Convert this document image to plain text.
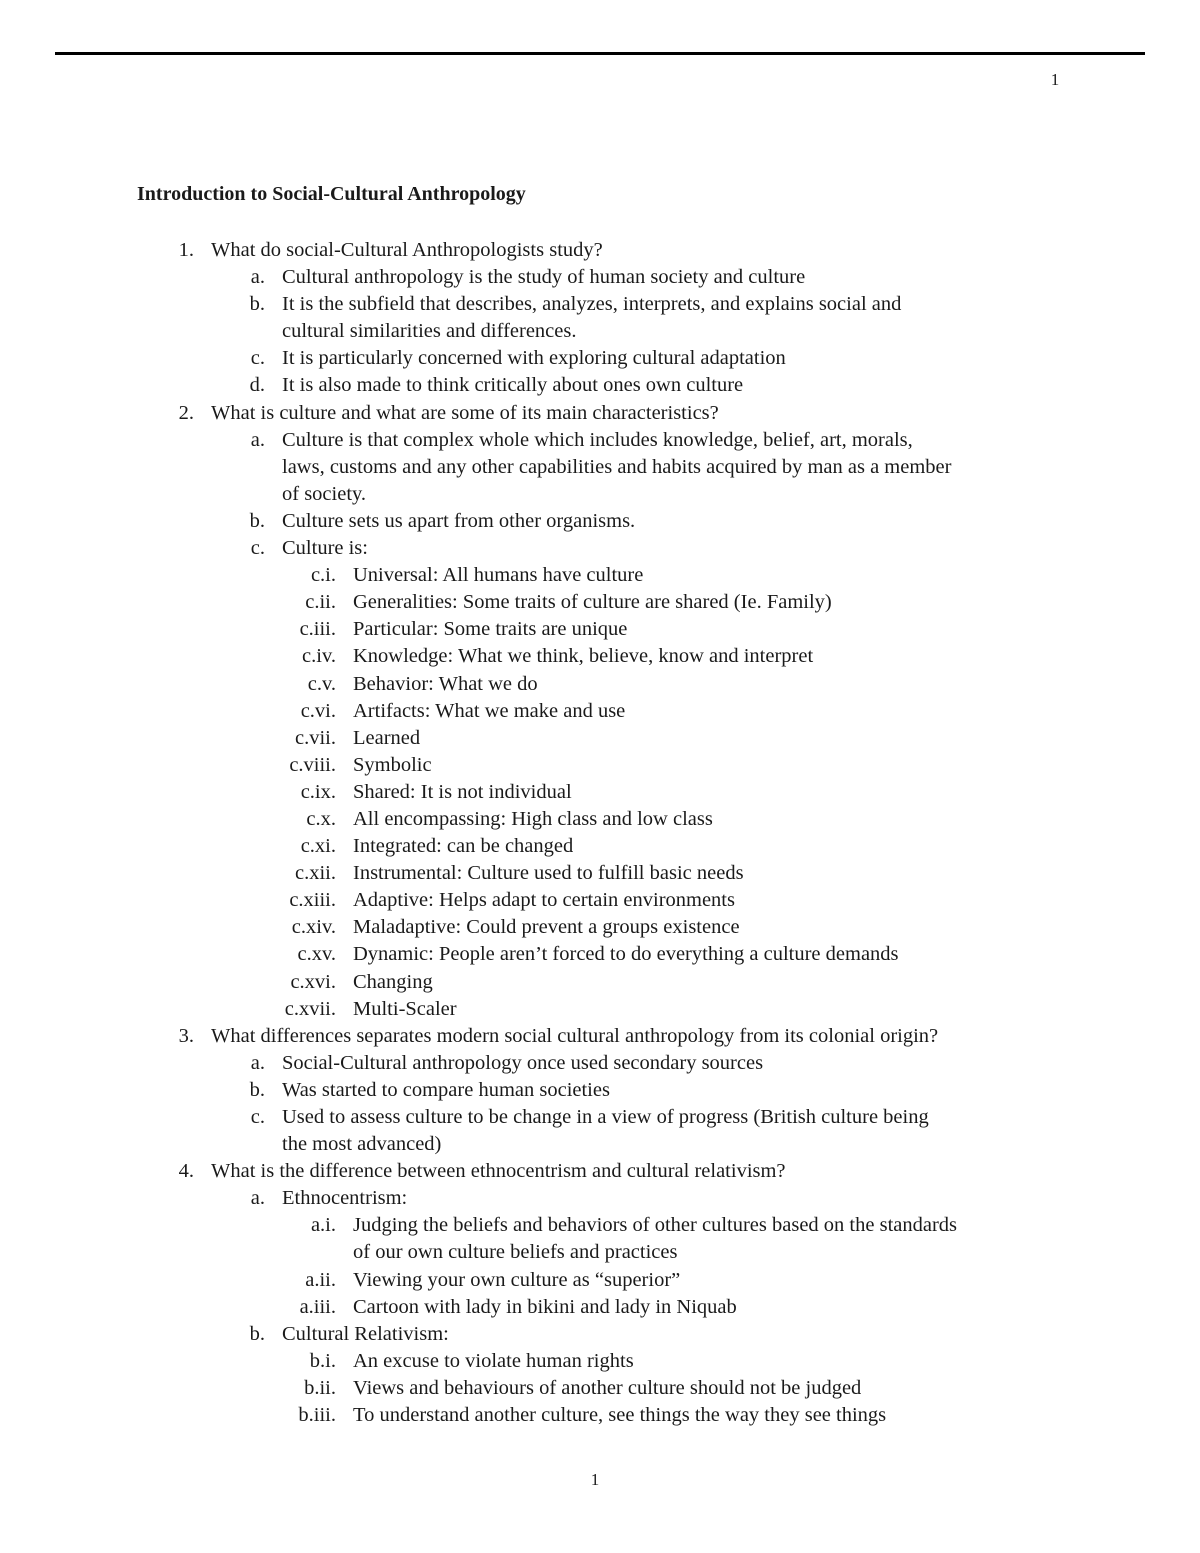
1
Introduction to Social-Cultural Anthropology
1. What do social-Cultural Anthropologists study?
a. Cultural anthropology is the study of human society and culture
b. It is the subfield that describes, analyzes, interprets, and explains social and
cultural similarities and differences.
c. It is particularly concerned with exploring cultural adaptation
d. It is also made to think critically about ones own culture
2. What is culture and what are some of its main characteristics?
a. Culture is that complex whole which includes knowledge, belief, art, morals,
laws, customs and any other capabilities and habits acquired by man as a member
of society.
b. Culture sets us apart from other organisms.
c. Culture is:
c.i. Universal: All humans have culture
c.ii. Generalities: Some traits of culture are shared (Ie. Family)
c.iii. Particular: Some traits are unique
c.iv. Knowledge: What we think, believe, know and interpret
c.v. Behavior: What we do
c.vi. Artifacts: What we make and use
c.vii. Learned
c.viii. Symbolic
c.ix. Shared: It is not individual
c.x. All encompassing: High class and low class
c.xi. Integrated: can be changed
c.xii. Instrumental: Culture used to fulfill basic needs
c.xiii. Adaptive: Helps adapt to certain environments
c.xiv. Maladaptive: Could prevent a groups existence
c.xv. Dynamic: People aren’t forced to do everything a culture demands
c.xvi. Changing
c.xvii. Multi-Scaler
3. What differences separates modern social cultural anthropology from its colonial origin?
a. Social-Cultural anthropology once used secondary sources
b. Was started to compare human societies
c. Used to assess culture to be change in a view of progress (British culture being
the most advanced)
4. What is the difference between ethnocentrism and cultural relativism?
a. Ethnocentrism:
a.i. Judging the beliefs and behaviors of other cultures based on the standards
of our own culture beliefs and practices
a.ii. Viewing your own culture as “superior”
a.iii. Cartoon with lady in bikini and lady in Niquab
b. Cultural Relativism:
b.i. An excuse to violate human rights
b.ii. Views and behaviours of another culture should not be judged
b.iii. To understand another culture, see things the way they see things
1
